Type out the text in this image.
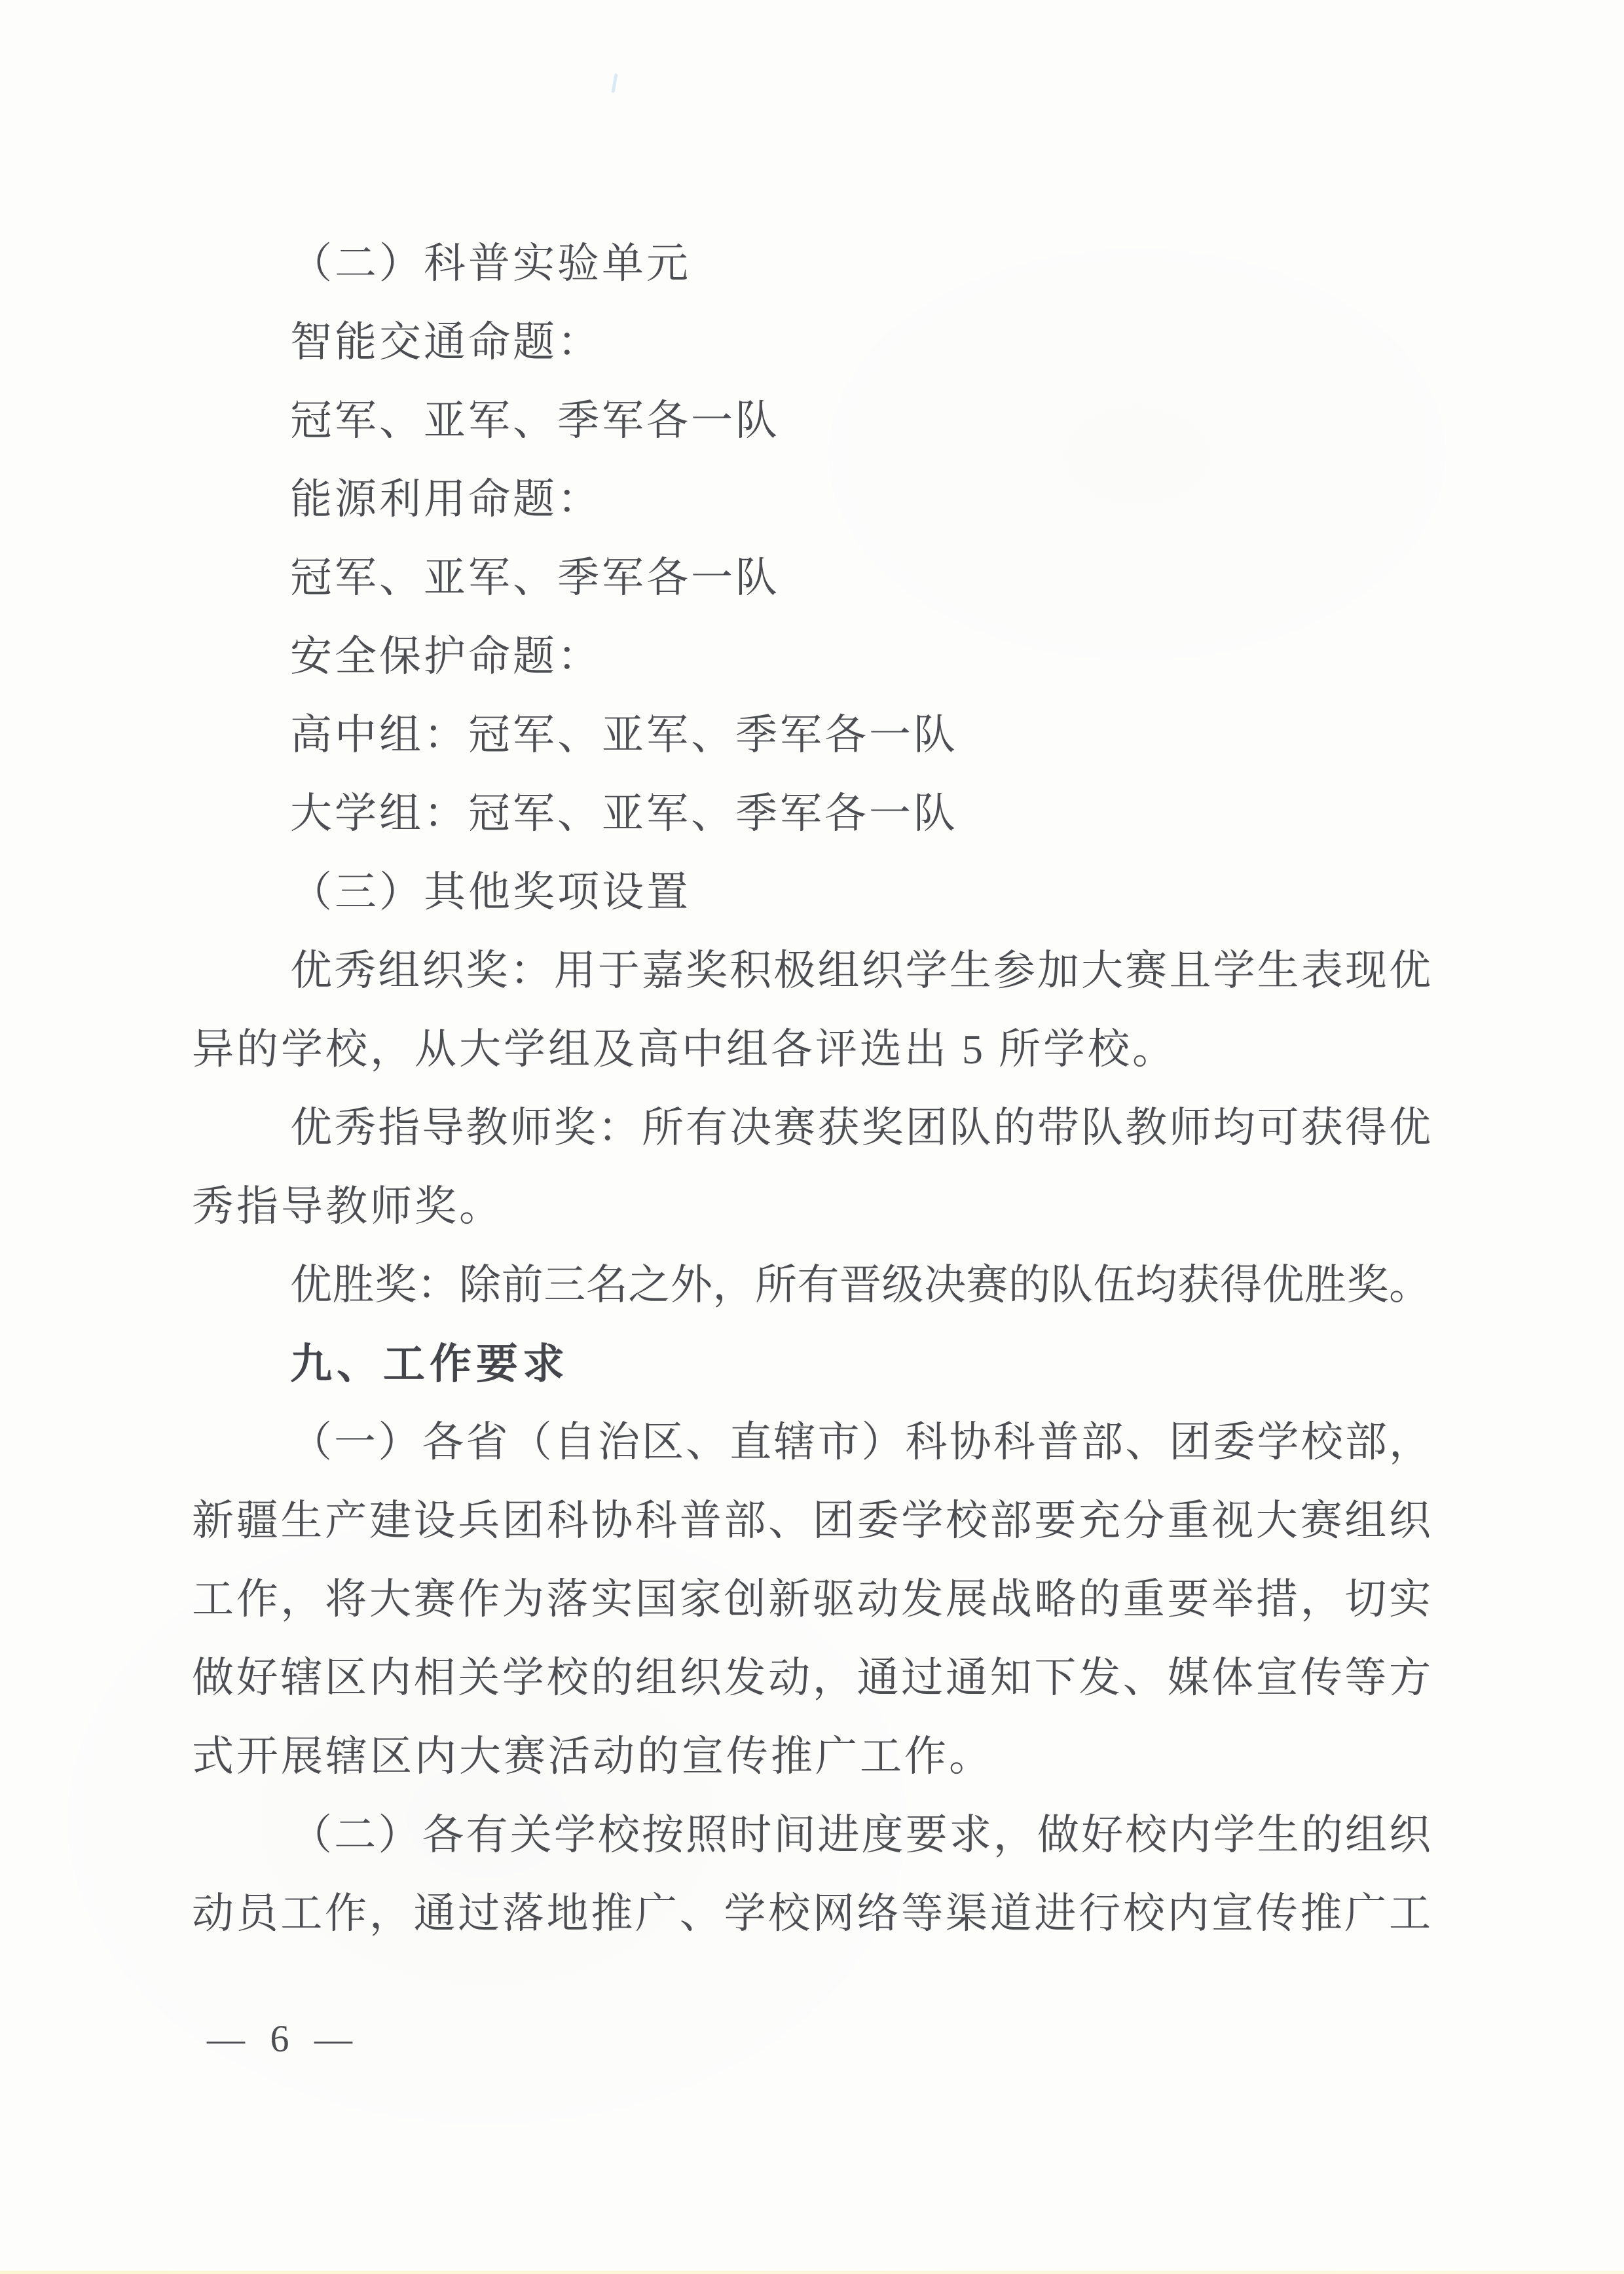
（二）科普实验单元
智能交通命题：
冠军、亚军、季军各一队
能源利用命题：
冠军、亚军、季军各一队
安全保护命题：
高中组：冠军、亚军、季军各一队
大学组：冠军、亚军、季军各一队
（三）其他奖项设置
优秀组织奖：用于嘉奖积极组织学生参加大赛且学生表现优
异的学校，从大学组及高中组各评选出 5 所学校。
优秀指导教师奖：所有决赛获奖团队的带队教师均可获得优
秀指导教师奖。
优胜奖：除前三名之外，所有晋级决赛的队伍均获得优胜奖。
九、工作要求
（一）各省（自治区、直辖市）科协科普部、团委学校部，
新疆生产建设兵团科协科普部、团委学校部要充分重视大赛组织
工作，将大赛作为落实国家创新驱动发展战略的重要举措，切实
做好辖区内相关学校的组织发动，通过通知下发、媒体宣传等方
式开展辖区内大赛活动的宣传推广工作。
（二）各有关学校按照时间进度要求，做好校内学生的组织
动员工作，通过落地推广、学校网络等渠道进行校内宣传推广工
— 6 —
